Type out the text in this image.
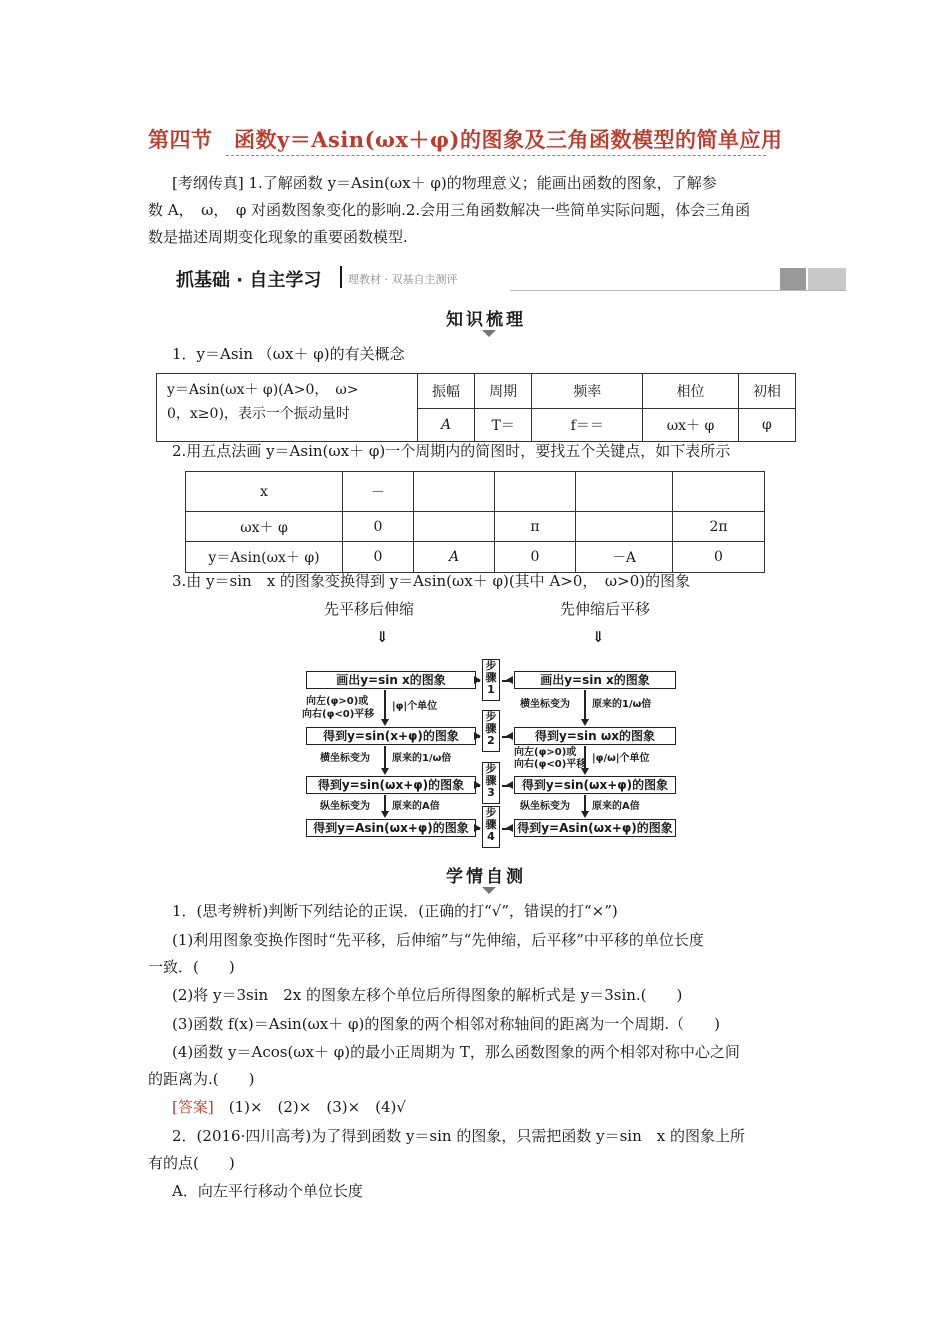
第四节　函数y＝Asin(ωx＋φ)的图象及三角函数模型的简单应用
[考纲传真] 1.了解函数 y＝Asin(ωx＋ φ)的物理意义；能画出函数的图象，了解参
数 A，　ω，　φ 对函数图象变化的影响.2.会用三角函数解决一些简单实际问题，体会三角函
数是描述周期变化现象的重要函数模型.
抓基础 · 自主学习 理教材 · 双基自主测评
知识梳理
1．y＝Asin （ωx＋ φ)的有关概念
y＝Asin(ωx＋ φ)(A>0，　ω>
0，x≥0)，表示一个振动量时	振幅	周期	频率	相位	初相
	A	T＝	f＝＝	ωx＋ φ	φ
2.用五点法画 y＝Asin(ωx＋ φ)一个周期内的简图时，要找五个关键点，如下表所示
x	－				
ωx＋ φ	0		π		2π
y＝Asin(ωx＋ φ)	0	A	0	－A	0
3.由 y＝sin　x 的图象变换得到 y＝Asin(ωx＋ φ)(其中 A>0，　ω>0)的图象
先平移后伸缩	先伸缩后平移
⇓	⇓
画出y=sin x的图象
得到y=sin(x+φ)的图象
得到y=sin(ωx+φ)的图象
得到y=Asin(ωx+φ)的图象
画出y=sin x的图象
得到y=sin ωx的图象
得到y=sin(ωx+φ)的图象
得到y=Asin(ωx+φ)的图象
步骤1
步骤2
步骤3
步骤4
向左(φ>0)或
向右(φ<0)平移
|φ|个单位
横坐标变为 原来的1/ω倍
纵坐标变为 原来的A倍
横坐标变为 原来的1/ω倍
向左(φ>0)或
向右(φ<0)平移
|φ/ω|个单位
纵坐标变为 原来的A倍
学情自测
1．(思考辨析)判断下列结论的正误．(正确的打“√”，错误的打“×”)
(1)利用图象变换作图时“先平移，后伸缩”与“先伸缩，后平移”中平移的单位长度
一致．(　　)
(2)将 y＝3sin　2x 的图象左移个单位后所得图象的解析式是 y＝3sin.(　　)
(3)函数 f(x)＝Asin(ωx＋ φ)的图象的两个相邻对称轴间的距离为一个周期.（　　)
(4)函数 y＝Acos(ωx＋ φ)的最小正周期为 T，那么函数图象的两个相邻对称中心之间
的距离为.(　　)
[答案]　(1)×　(2)×　(3)×　(4)√
2．(2016·四川高考)为了得到函数 y＝sin 的图象，只需把函数 y＝sin　x 的图象上所
有的点(　　)
A．向左平行移动个单位长度
